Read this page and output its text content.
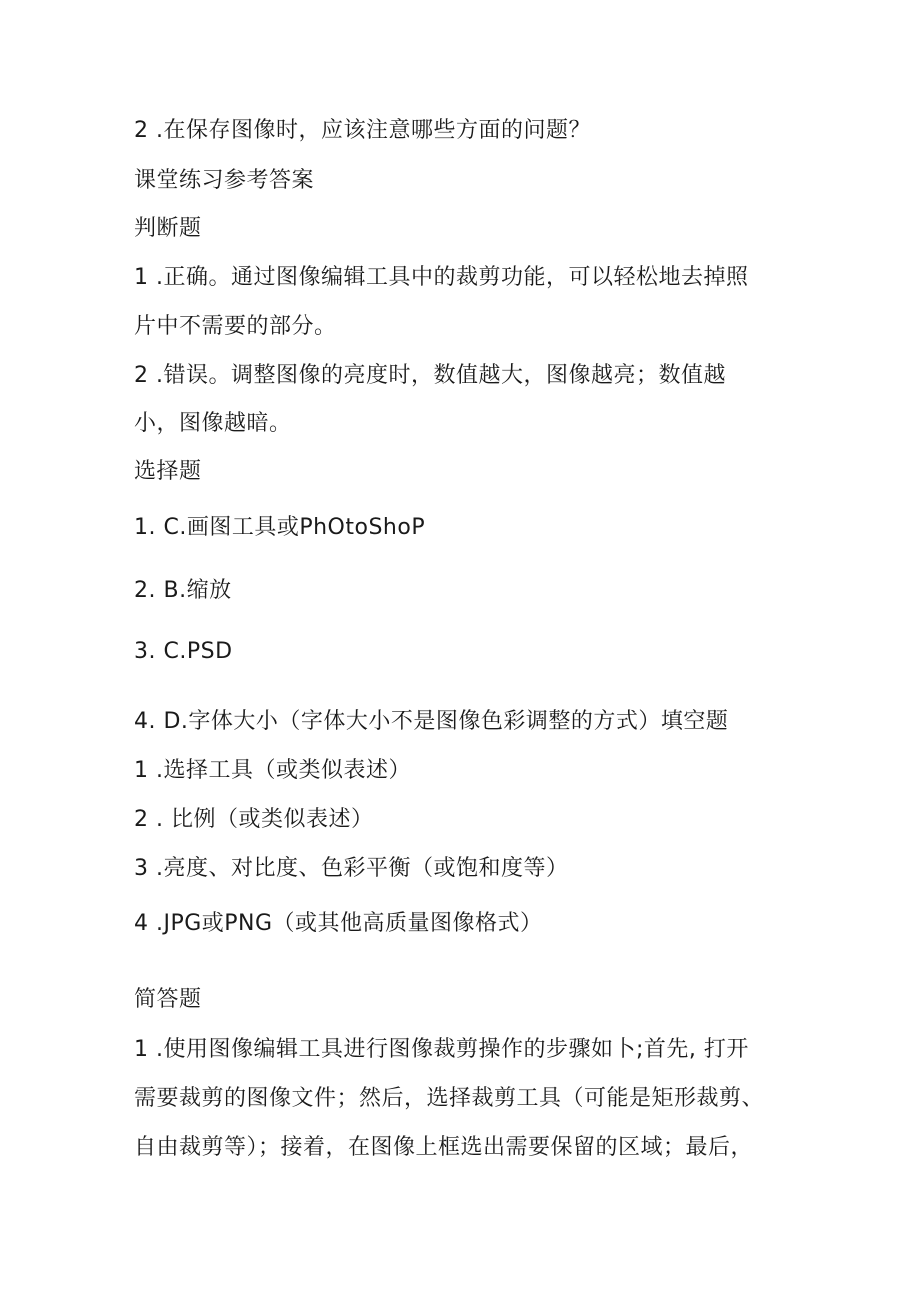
2 .在保存图像时，应该注意哪些方面的问题？
课堂练习参考答案
判断题
1 .正确。通过图像编辑工具中的裁剪功能，可以轻松地去掉照
片中不需要的部分。
2 .错误。调整图像的亮度时，数值越大，图像越亮；数值越
小，图像越暗。
选择题
1. C.画图工具或PhOtoShoP
2. B.缩放
3. C.PSD
4. D.字体大小（字体大小不是图像色彩调整的方式）填空题
1 .选择工具（或类似表述）
2 . 比例（或类似表述）
3 .亮度、对比度、色彩平衡（或饱和度等）
4 .JPG或PNG（或其他高质量图像格式）
简答题
1 .使用图像编辑工具进行图像裁剪操作的步骤如卜;首先, 打开
需要裁剪的图像文件；然后，选择裁剪工具（可能是矩形裁剪、
自由裁剪等）；接着，在图像上框选出需要保留的区域；最后，
